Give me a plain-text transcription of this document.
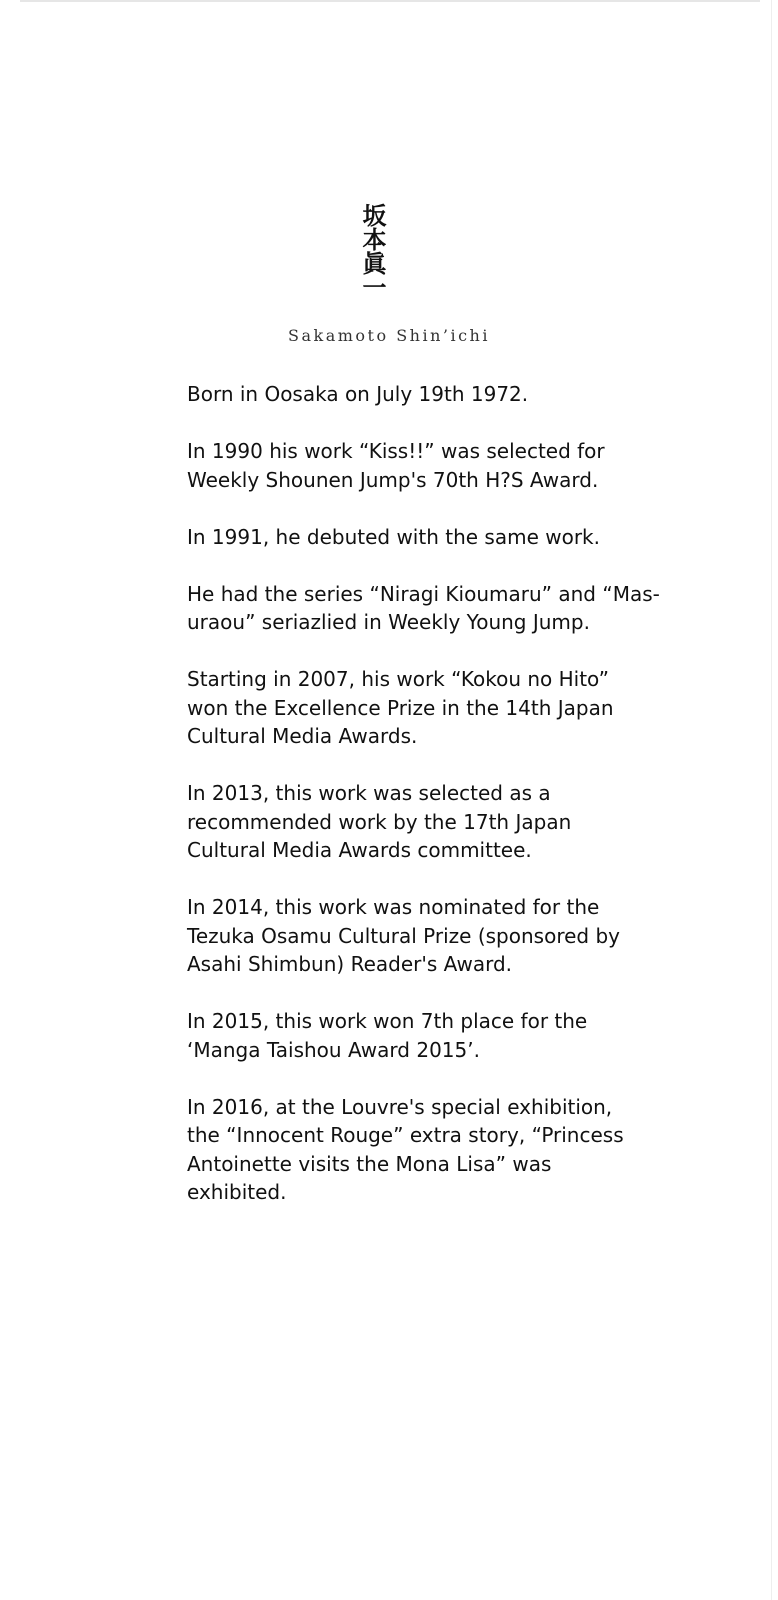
坂本眞一
Sakamoto Shin’ichi

Born in Oosaka on July 19th 1972.

In 1990 his work “Kiss!!” was selected for
Weekly Shounen Jump's 70th H?S Award.

In 1991, he debuted with the same work.

He had the series “Niragi Kioumaru” and “Mas-
uraou” seriazlied in Weekly Young Jump.

Starting in 2007, his work “Kokou no Hito”
won the Excellence Prize in the 14th Japan
Cultural Media Awards.

In 2013, this work was selected as a
recommended work by the 17th Japan
Cultural Media Awards committee.

In 2014, this work was nominated for the
Tezuka Osamu Cultural Prize (sponsored by
Asahi Shimbun) Reader's Award.

In 2015, this work won 7th place for the
‘Manga Taishou Award 2015’.

In 2016, at the Louvre's special exhibition,
the “Innocent Rouge” extra story, “Princess
Antoinette visits the Mona Lisa” was
exhibited.
